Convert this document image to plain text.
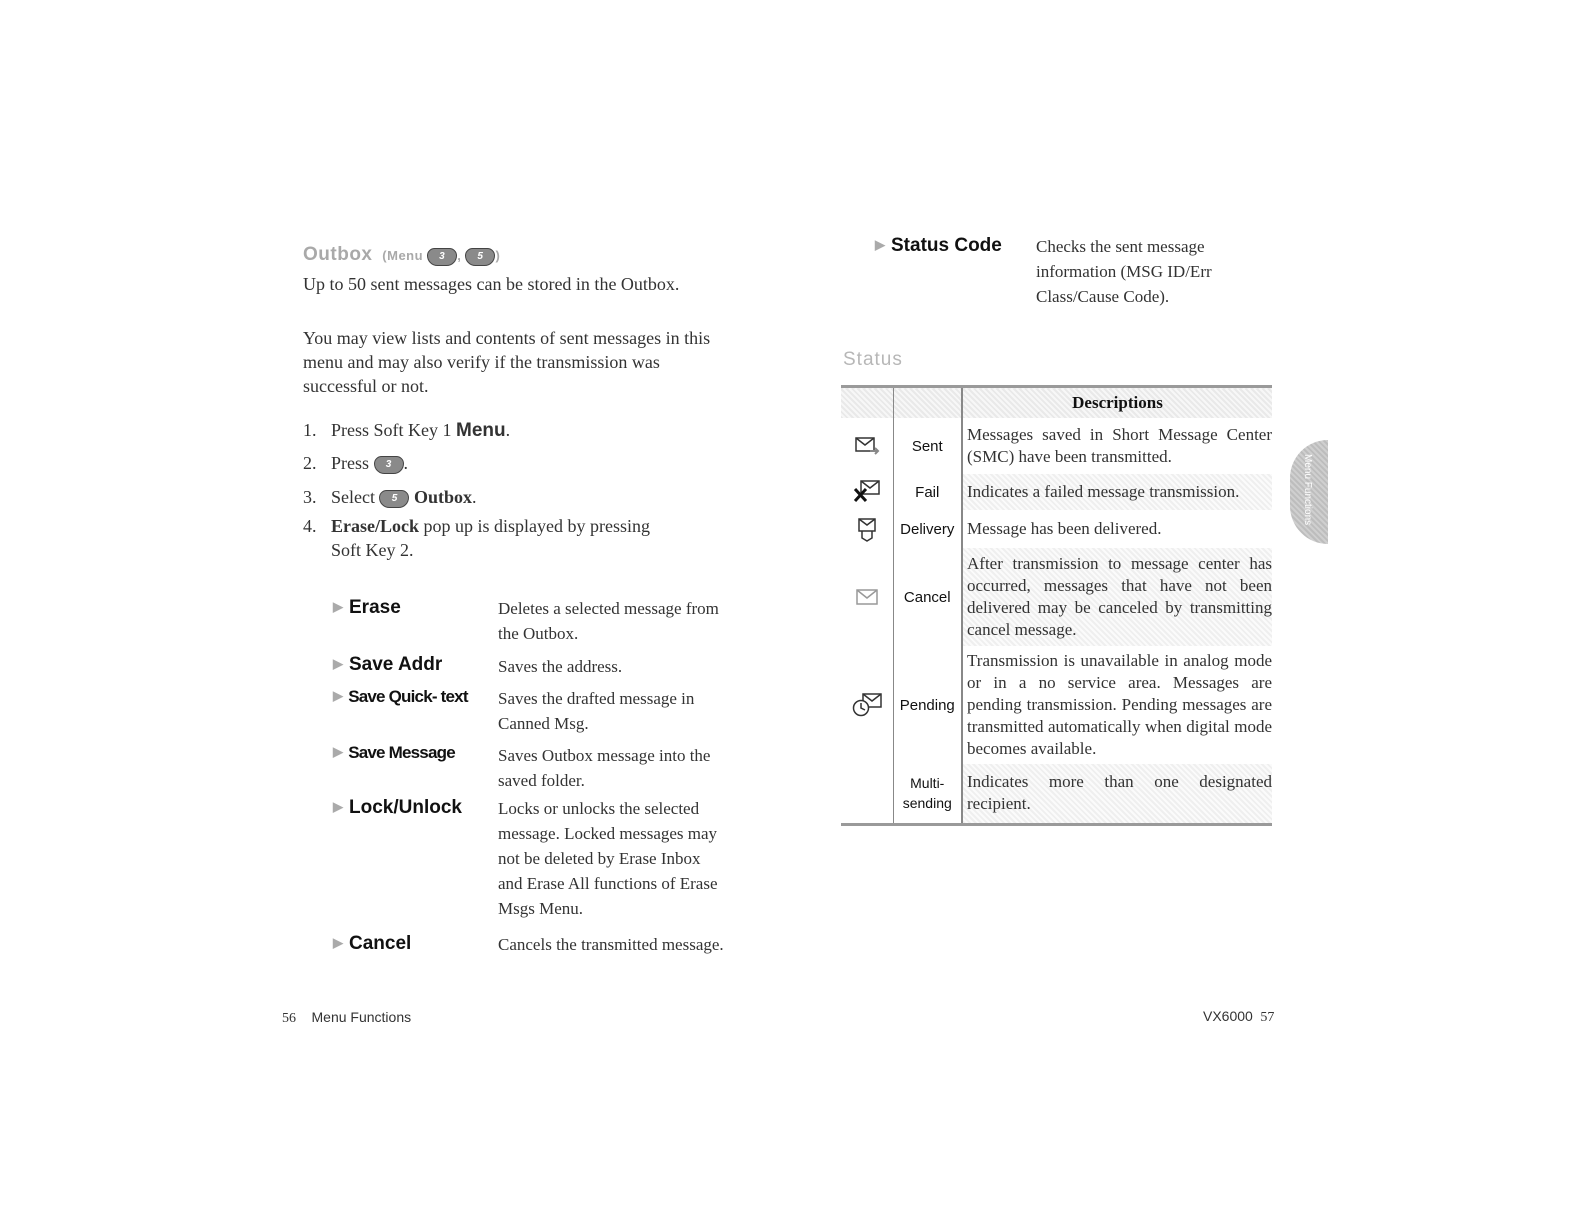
Outbox (Menu 3 , 5 )
Up to 50 sent messages can be stored in the Outbox.
You may view lists and contents of sent messages in this menu and may also verify if the transmission was successful or not.
1. Press Soft Key 1 Menu.
2. Press 3 .
3. Select 5 Outbox.
4. Erase/Lock pop up is displayed by pressing
Soft Key 2.
▶ Erase	Deletes a selected message from the Outbox.
▶ Save Addr	Saves the address.
▶ Save Quick- text Saves the drafted message in Canned Msg.
▶ Save Message	Saves Outbox message into the saved folder.
▶ Lock/Unlock Locks or unlocks the selected message. Locked messages may not be deleted by Erase Inbox and Erase All functions of Erase Msgs Menu.
▶ Cancel	Cancels the transmitted message.
56 Menu Functions
▶ Status Code Checks the sent message information (MSG ID/Err Class/Cause Code).
Status
		Descriptions
	Sent	Messages saved in Short Message Center (SMC) have been transmitted.
	Fail	Indicates a failed message transmission.
	Delivery	Message has been delivered.
	Cancel	After transmission to message center has occurred, messages that have not been delivered may be canceled by transmitting cancel message.
	Pending	Transmission is unavailable in analog mode or in a no service area. Messages are pending transmission. Pending messages are transmitted automatically when digital mode becomes available.
	Multi- sending	Indicates more than one designated recipient.
Menu Functions
VX6000 57
